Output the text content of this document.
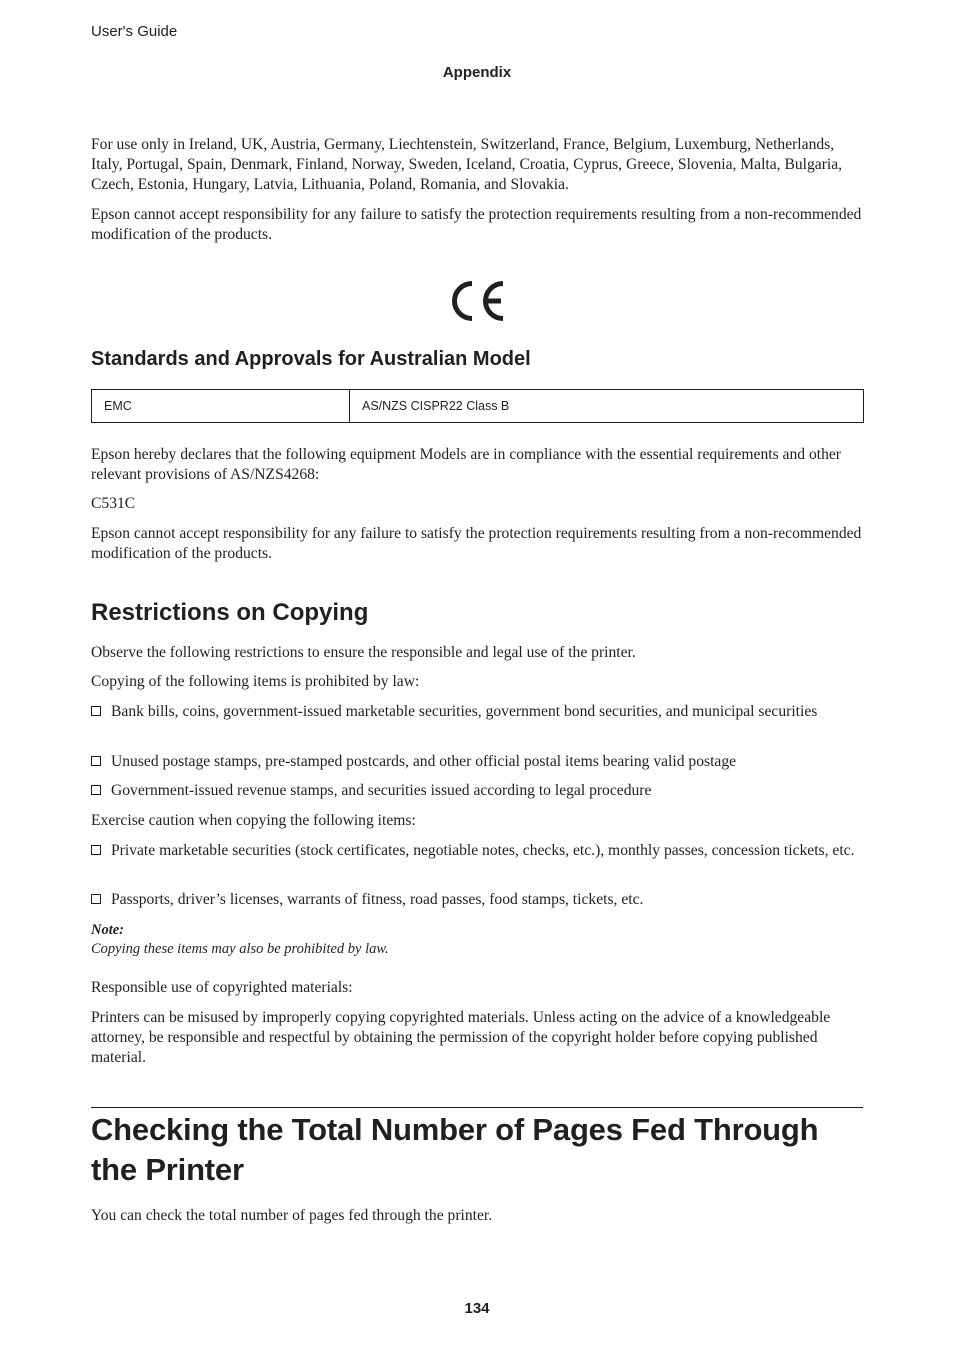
User's Guide
Appendix

For use only in Ireland, UK, Austria, Germany, Liechtenstein, Switzerland, France, Belgium, Luxemburg, Netherlands, Italy, Portugal, Spain, Denmark, Finland, Norway, Sweden, Iceland, Croatia, Cyprus, Greece, Slovenia, Malta, Bulgaria, Czech, Estonia, Hungary, Latvia, Lithuania, Poland, Romania, and Slovakia.

Epson cannot accept responsibility for any failure to satisfy the protection requirements resulting from a non-recommended modification of the products.

Standards and Approvals for Australian Model
EMC	AS/NZS CISPR22 Class B

Epson hereby declares that the following equipment Models are in compliance with the essential requirements and other relevant provisions of AS/NZS4268:

C531C

Epson cannot accept responsibility for any failure to satisfy the protection requirements resulting from a non-recommended modification of the products.

Restrictions on Copying

Observe the following restrictions to ensure the responsible and legal use of the printer.

Copying of the following items is prohibited by law:

Bank bills, coins, government-issued marketable securities, government bond securities, and municipal securities
Unused postage stamps, pre-stamped postcards, and other official postal items bearing valid postage
Government-issued revenue stamps, and securities issued according to legal procedure

Exercise caution when copying the following items:

Private marketable securities (stock certificates, negotiable notes, checks, etc.), monthly passes, concession tickets, etc.
Passports, driver’s licenses, warrants of fitness, road passes, food stamps, tickets, etc.
Note:
Copying these items may also be prohibited by law.

Responsible use of copyrighted materials:

Printers can be misused by improperly copying copyrighted materials. Unless acting on the advice of a knowledgeable attorney, be responsible and respectful by obtaining the permission of the copyright holder before copying published material.

Checking the Total Number of Pages Fed Through the Printer

You can check the total number of pages fed through the printer.

134
